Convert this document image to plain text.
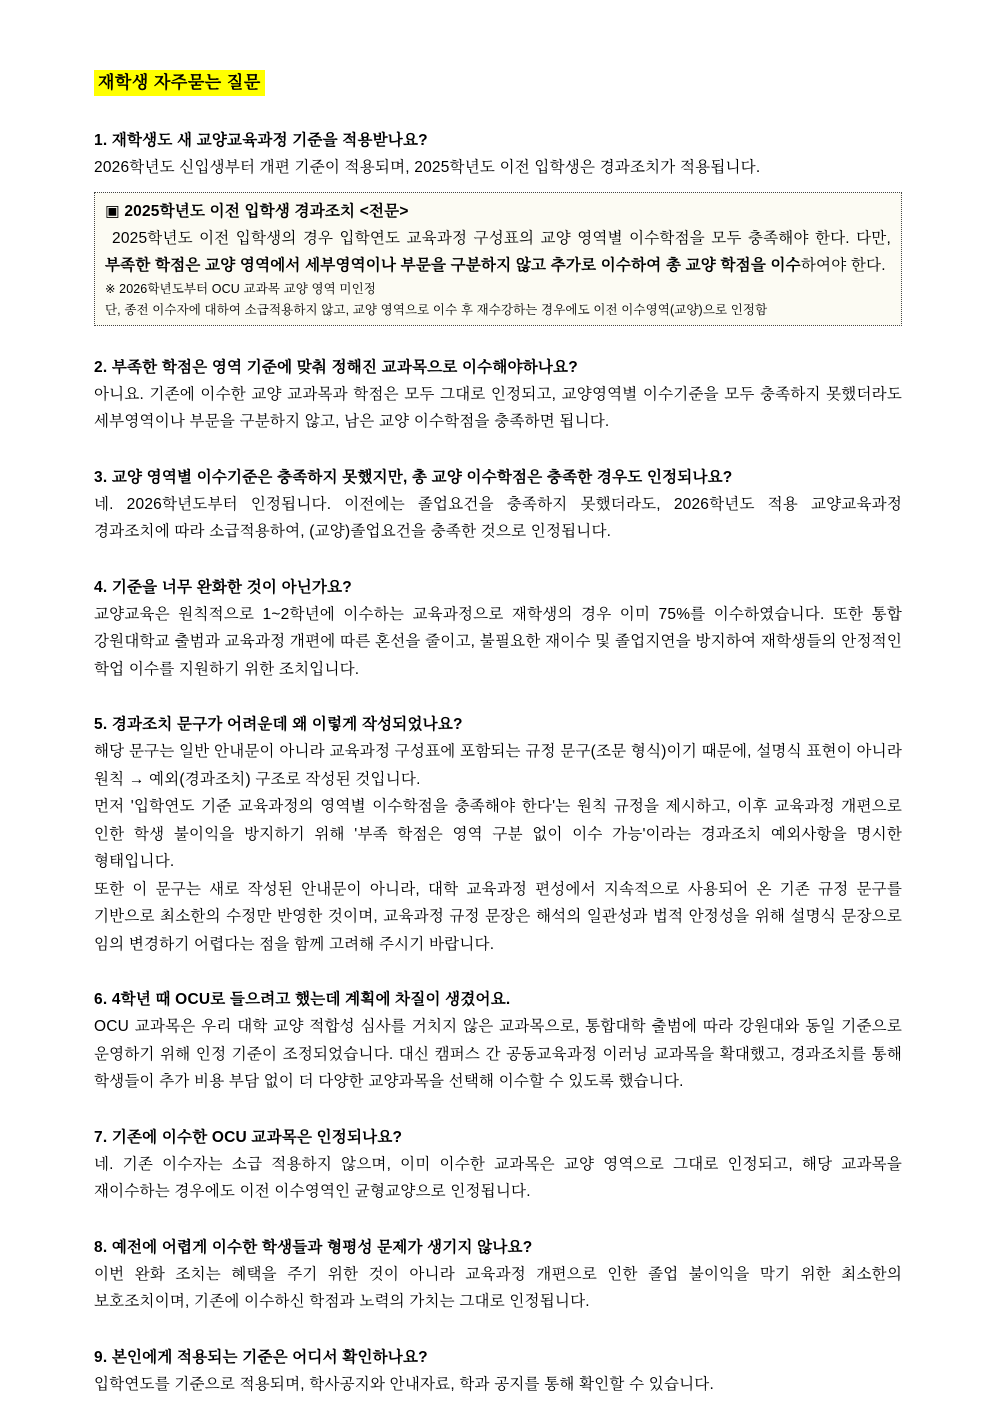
재학생 자주묻는 질문

1. 재학생도 새 교양교육과정 기준을 적용받나요?

2026학년도 신입생부터 개편 기준이 적용되며, 2025학년도 이전 입학생은 경과조치가 적용됩니다.

▣ 2025학년도 이전 입학생 경과조치 <전문>

2025학년도 이전 입학생의 경우 입학연도 교육과정 구성표의 교양 영역별 이수학점을 모두 충족해야 한다. 다만, 부족한 학점은 교양 영역에서 세부영역이나 부문을 구분하지 않고 추가로 이수하여 총 교양 학점을 이수하여야 한다.

※ 2026학년도부터 OCU 교과목 교양 영역 미인정
단, 종전 이수자에 대하여 소급적용하지 않고, 교양 영역으로 이수 후 재수강하는 경우에도 이전 이수영역(교양)으로 인정함

2. 부족한 학점은 영역 기준에 맞춰 정해진 교과목으로 이수해야하나요?

아니요. 기존에 이수한 교양 교과목과 학점은 모두 그대로 인정되고, 교양영역별 이수기준을 모두 충족하지 못했더라도 세부영역이나 부문을 구분하지 않고, 남은 교양 이수학점을 충족하면 됩니다.

3. 교양 영역별 이수기준은 충족하지 못했지만, 총 교양 이수학점은 충족한 경우도 인정되나요?

네. 2026학년도부터 인정됩니다. 이전에는 졸업요건을 충족하지 못했더라도, 2026학년도 적용 교양교육과정 경과조치에 따라 소급적용하여, (교양)졸업요건을 충족한 것으로 인정됩니다.

4. 기준을 너무 완화한 것이 아닌가요?

교양교육은 원칙적으로 1~2학년에 이수하는 교육과정으로 재학생의 경우 이미 75%를 이수하였습니다. 또한 통합 강원대학교 출범과 교육과정 개편에 따른 혼선을 줄이고, 불필요한 재이수 및 졸업지연을 방지하여 재학생들의 안정적인 학업 이수를 지원하기 위한 조치입니다.

5. 경과조치 문구가 어려운데 왜 이렇게 작성되었나요?

해당 문구는 일반 안내문이 아니라 교육과정 구성표에 포함되는 규정 문구(조문 형식)이기 때문에, 설명식 표현이 아니라 원칙 → 예외(경과조치) 구조로 작성된 것입니다.

먼저 '입학연도 기준 교육과정의 영역별 이수학점을 충족해야 한다'는 원칙 규정을 제시하고, 이후 교육과정 개편으로 인한 학생 불이익을 방지하기 위해 '부족 학점은 영역 구분 없이 이수 가능'이라는 경과조치 예외사항을 명시한 형태입니다.

또한 이 문구는 새로 작성된 안내문이 아니라, 대학 교육과정 편성에서 지속적으로 사용되어 온 기존 규정 문구를 기반으로 최소한의 수정만 반영한 것이며, 교육과정 규정 문장은 해석의 일관성과 법적 안정성을 위해 설명식 문장으로 임의 변경하기 어렵다는 점을 함께 고려해 주시기 바랍니다.

6. 4학년 때 OCU로 들으려고 했는데 계획에 차질이 생겼어요.

OCU 교과목은 우리 대학 교양 적합성 심사를 거치지 않은 교과목으로, 통합대학 출범에 따라 강원대와 동일 기준으로 운영하기 위해 인정 기준이 조정되었습니다. 대신 캠퍼스 간 공동교육과정 이러닝 교과목을 확대했고, 경과조치를 통해 학생들이 추가 비용 부담 없이 더 다양한 교양과목을 선택해 이수할 수 있도록 했습니다.

7. 기존에 이수한 OCU 교과목은 인정되나요?

네. 기존 이수자는 소급 적용하지 않으며, 이미 이수한 교과목은 교양 영역으로 그대로 인정되고, 해당 교과목을 재이수하는 경우에도 이전 이수영역인 균형교양으로 인정됩니다.

8. 예전에 어렵게 이수한 학생들과 형평성 문제가 생기지 않나요?

이번 완화 조치는 혜택을 주기 위한 것이 아니라 교육과정 개편으로 인한 졸업 불이익을 막기 위한 최소한의 보호조치이며, 기존에 이수하신 학점과 노력의 가치는 그대로 인정됩니다.

9. 본인에게 적용되는 기준은 어디서 확인하나요?

입학연도를 기준으로 적용되며, 학사공지와 안내자료, 학과 공지를 통해 확인할 수 있습니다.
